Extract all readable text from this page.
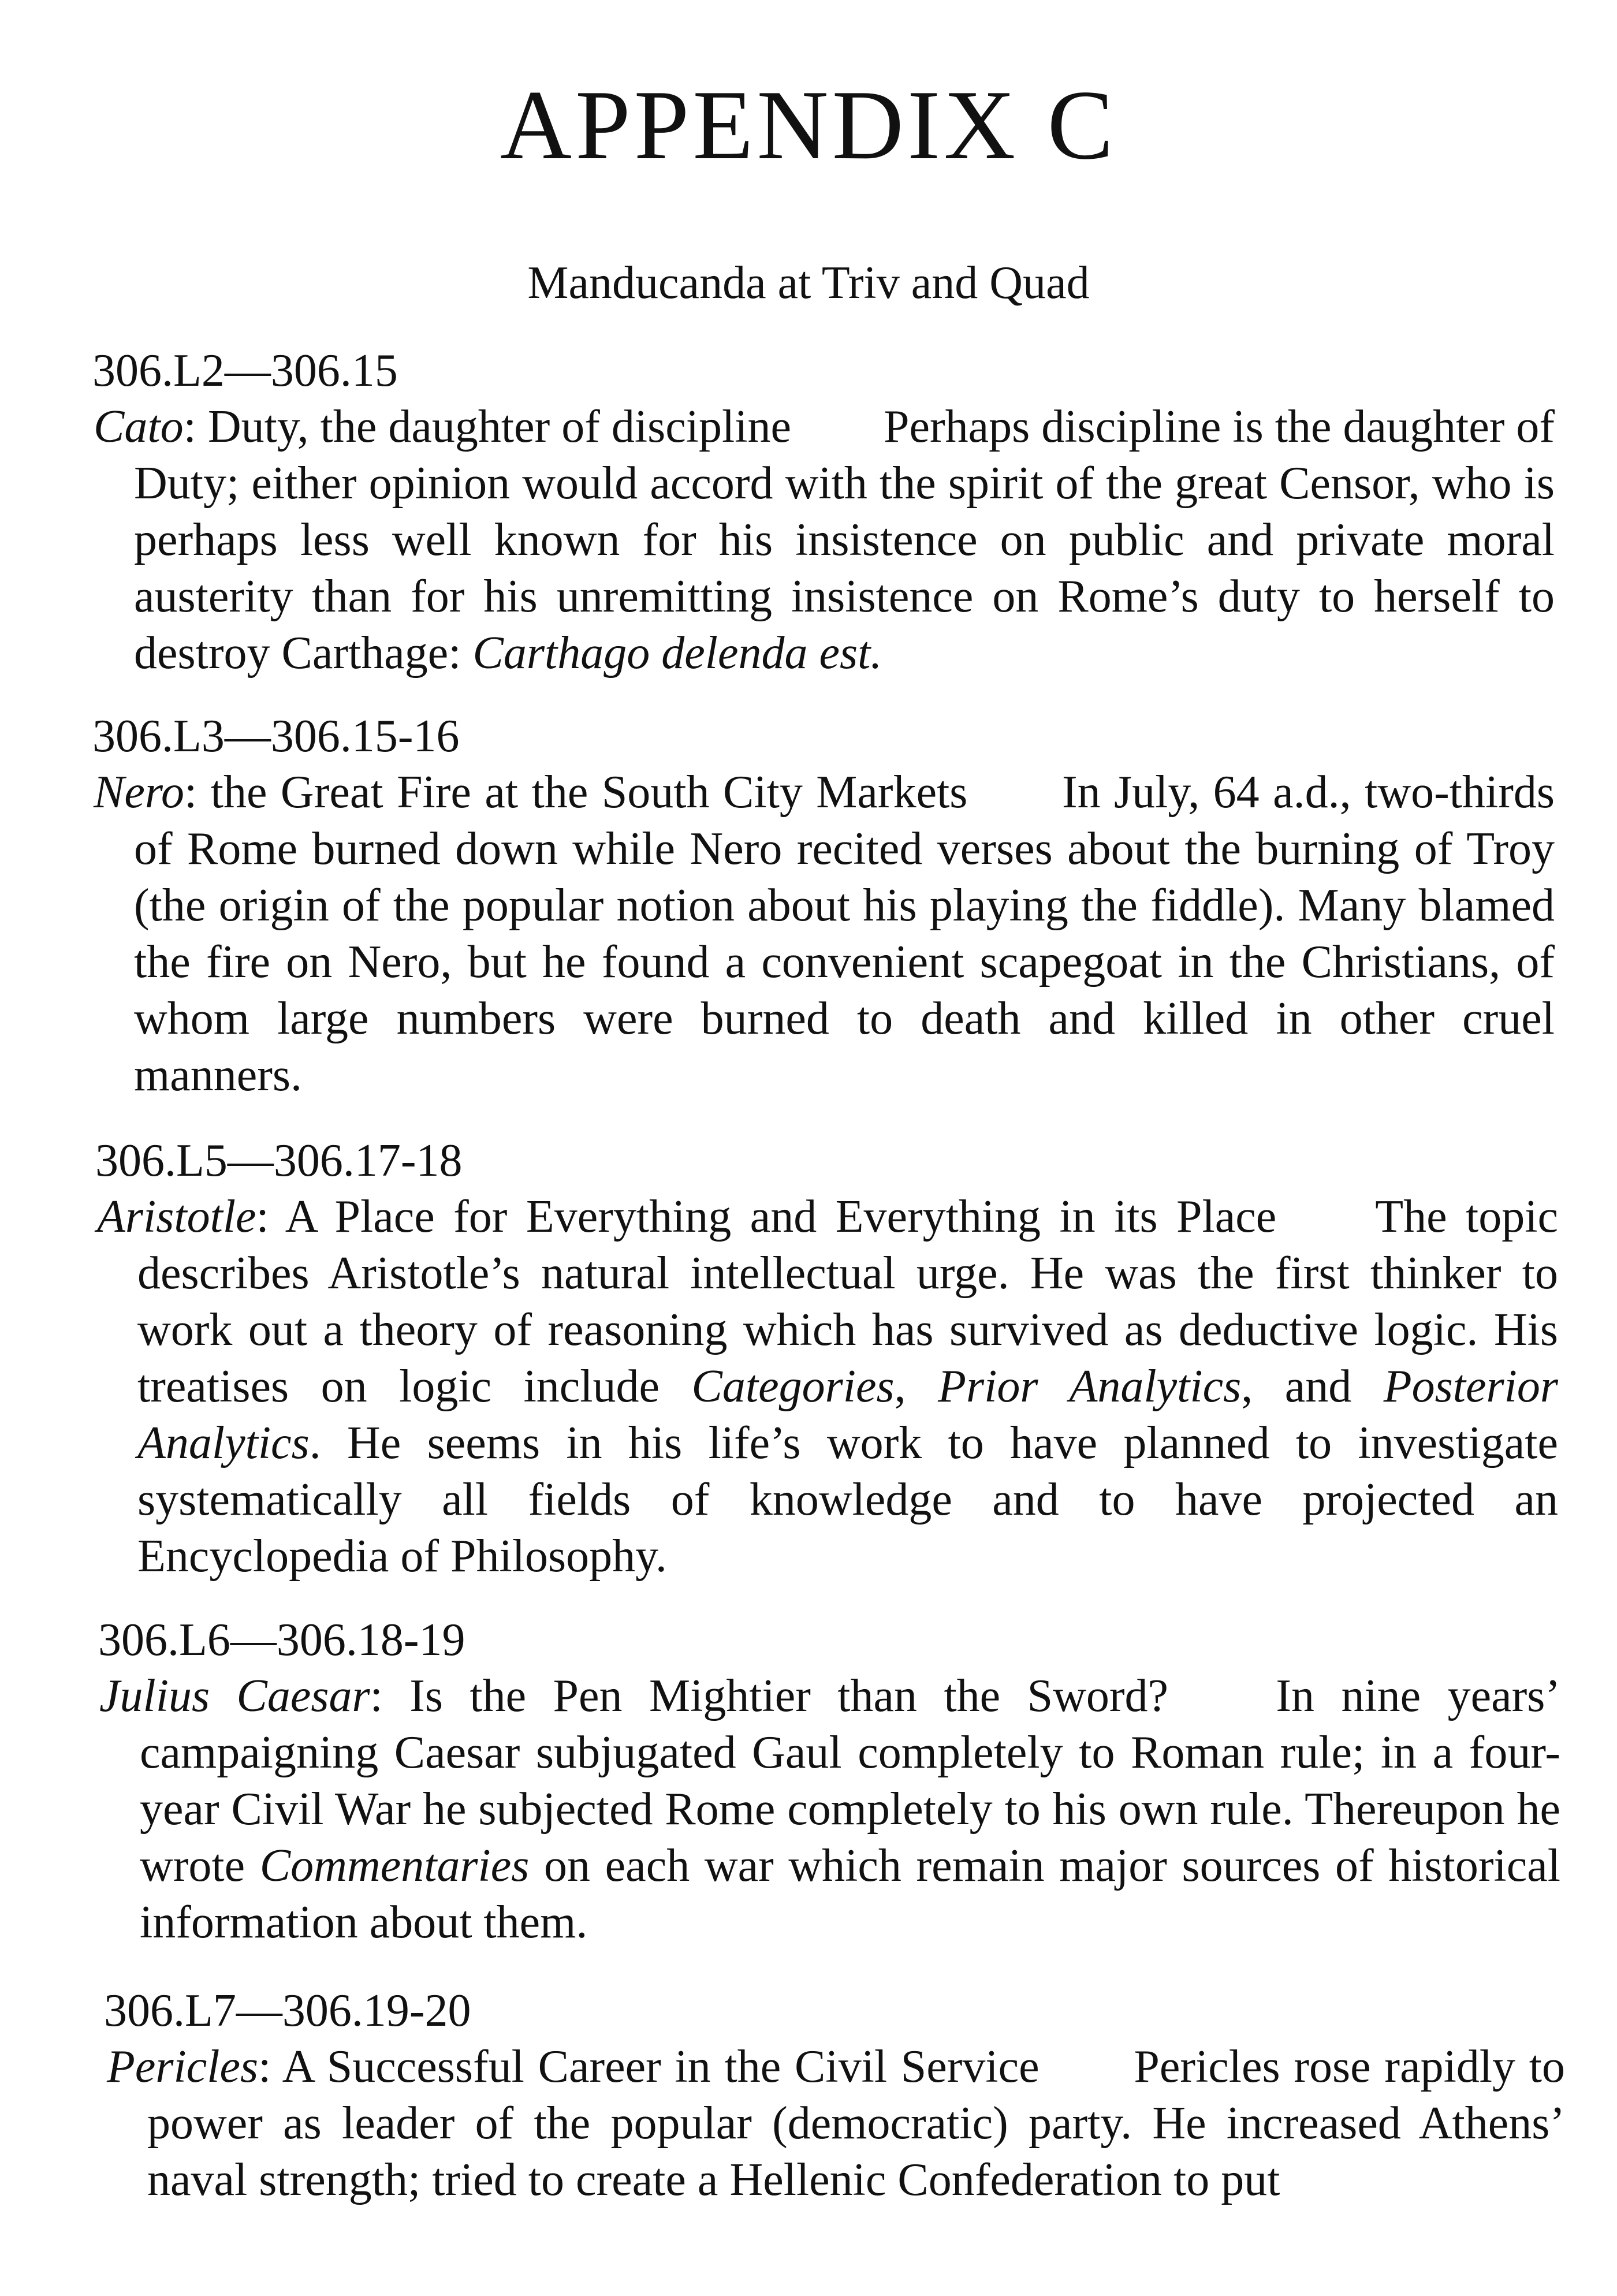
APPENDIX C
Manducanda at Triv and Quad
306.L2—306.15
Cato: Duty, the daughter of discipline Perhaps discipline is the daughter of Duty; either opinion would accord with the spirit of the great Censor, who is perhaps less well known for his insistence on public and private moral austerity than for his unremitting insistence on Rome’s duty to herself to destroy Carthage: Carthago delenda est.
306.L3—306.15-16
Nero: the Great Fire at the South City Markets In July, 64 a.d., two-thirds of Rome burned down while Nero recited verses about the burning of Troy (the origin of the popular notion about his playing the fiddle). Many blamed the fire on Nero, but he found a convenient scapegoat in the Christians, of whom large numbers were burned to death and killed in other cruel manners.
306.L5—306.17-18
Aristotle: A Place for Everything and Everything in its Place The topic describes Aristotle’s natural intellectual urge. He was the first thinker to work out a theory of reasoning which has survived as deductive logic. His treatises on logic include Categories, Prior Analytics, and Posterior Analytics. He seems in his life’s work to have planned to investigate systematically all fields of knowledge and to have projected an Encyclopedia of Philosophy.
306.L6—306.18-19
Julius Caesar: Is the Pen Mightier than the Sword? In nine years’ campaigning Caesar subjugated Gaul completely to Roman rule; in a four-year Civil War he subjected Rome completely to his own rule. Thereupon he wrote Commentaries on each war which remain major sources of historical information about them.
306.L7—306.19-20
Pericles: A Successful Career in the Civil Service Pericles rose rapidly to power as leader of the popular (democratic) party. He increased Athens’ naval strength; tried to create a Hellenic Confederation to put
